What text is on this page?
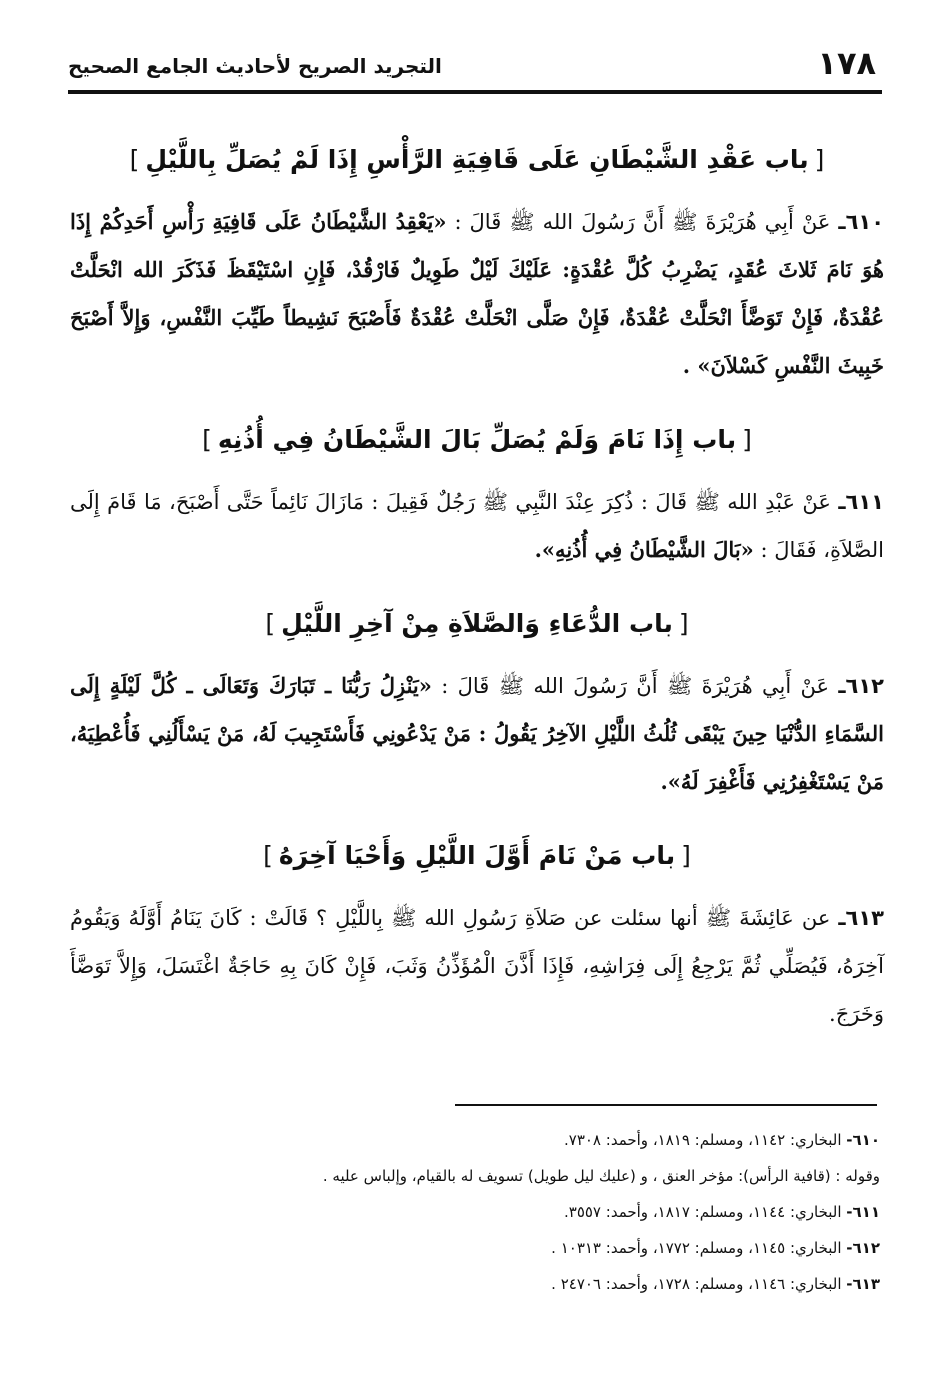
١٧٨
التجريد الصريح لأحاديث الجامع الصحيح
[باب عَقْدِ الشَّيْطَانِ عَلَى قَافِيَةِ الرَّأْسِ إِذَا لَمْ يُصَلِّ بِاللَّيْلِ]

٦١٠ـ عَنْ أَبِي هُرَيْرَةَ ﷺ أَنَّ رَسُولَ الله ﷺ قَالَ : «يَعْقِدُ الشَّيْطَانُ عَلَى قَافِيَةِ رَأْسِ أَحَدِكُمْ إِذَا هُوَ نَامَ ثَلاثَ عُقَدٍ، يَضْرِبُ كُلَّ عُقْدَةٍ: عَلَيْكَ لَيْلٌ طَوِيلٌ فَارْقُدْ، فَإِنِ اسْتَيْقَظَ فَذَكَرَ الله انْحَلَّتْ عُقْدَةٌ، فَإِنْ تَوَضَّأَ انْحَلَّتْ عُقْدَةٌ، فَإِنْ صَلَّى انْحَلَّتْ عُقْدَةٌ فَأَصْبَحَ نَشِيطاً طَيِّبَ النَّفْسِ، وَإِلاَّ أَصْبَحَ خَبِيثَ النَّفْسِ كَسْلاَنَ» .

[باب إِذَا نَامَ وَلَمْ يُصَلِّ بَالَ الشَّيْطَانُ فِي أُذُنِهِ]

٦١١ـ عَنْ عَبْدِ الله ﷺ قَالَ : ذُكِرَ عِنْدَ النَّبِي ﷺ رَجُلٌ فَقِيلَ : مَازَالَ نَائِماً حَتَّى أَصْبَحَ، مَا قَامَ إِلَى الصَّلاَةِ، فَقَالَ : «بَالَ الشَّيْطَانُ فِي أُذُنِهِ».

[باب الدُّعَاءِ وَالصَّلاَةِ مِنْ آخِرِ اللَّيْلِ]

٦١٢ـ عَنْ أَبِي هُرَيْرَةَ ﷺ أَنَّ رَسُولَ الله ﷺ قَالَ : «يَنْزِلُ رَبُّنَا ـ تَبَارَكَ وَتَعَالَى ـ كُلَّ لَيْلَةٍ إِلَى السَّمَاءِ الدُّنْيَا حِينَ يَبْقَى ثُلُثُ اللَّيْلِ الآخِرُ يَقُولُ : مَنْ يَدْعُونِي فَأَسْتَجِيبَ لَهُ، مَنْ يَسْأَلُنِي فَأُعْطِيَهُ، مَنْ يَسْتَغْفِرُنِي فَأَغْفِرَ لَهُ».

[باب مَنْ نَامَ أَوَّلَ اللَّيْلِ وَأَحْيَا آخِرَهُ]

٦١٣ـ عن عَائِشَةَ ﷺ أنها سئلت عن صَلاَةِ رَسُولِ الله ﷺ بِاللَّيْلِ ؟ قَالَتْ : كَانَ يَنَامُ أَوَّلَهُ وَيَقُومُ آخِرَهُ، فَيُصَلِّي ثُمَّ يَرْجِعُ إِلَى فِرَاشِهِ، فَإِذَا أَذَّنَ الْمُؤَذِّنُ وَثَبَ، فَإِنْ كَانَ بِهِ حَاجَةٌ اغْتَسَلَ، وَإِلاَّ تَوَضَّأَ وَخَرَجَ.

٦١٠- البخاري: ١١٤٢، ومسلم: ١٨١٩، وأحمد: ٧٣٠٨.

وقوله : (قافية الرأس): مؤخر العنق ، و (عليك ليل طويل) تسويف له بالقيام، وإلباس عليه .

٦١١- البخاري: ١١٤٤، ومسلم: ١٨١٧، وأحمد: ٣٥٥٧.

٦١٢- البخاري: ١١٤٥، ومسلم: ١٧٧٢، وأحمد: ١٠٣١٣ .

٦١٣- البخاري: ١١٤٦، ومسلم: ١٧٢٨، وأحمد: ٢٤٧٠٦ .
